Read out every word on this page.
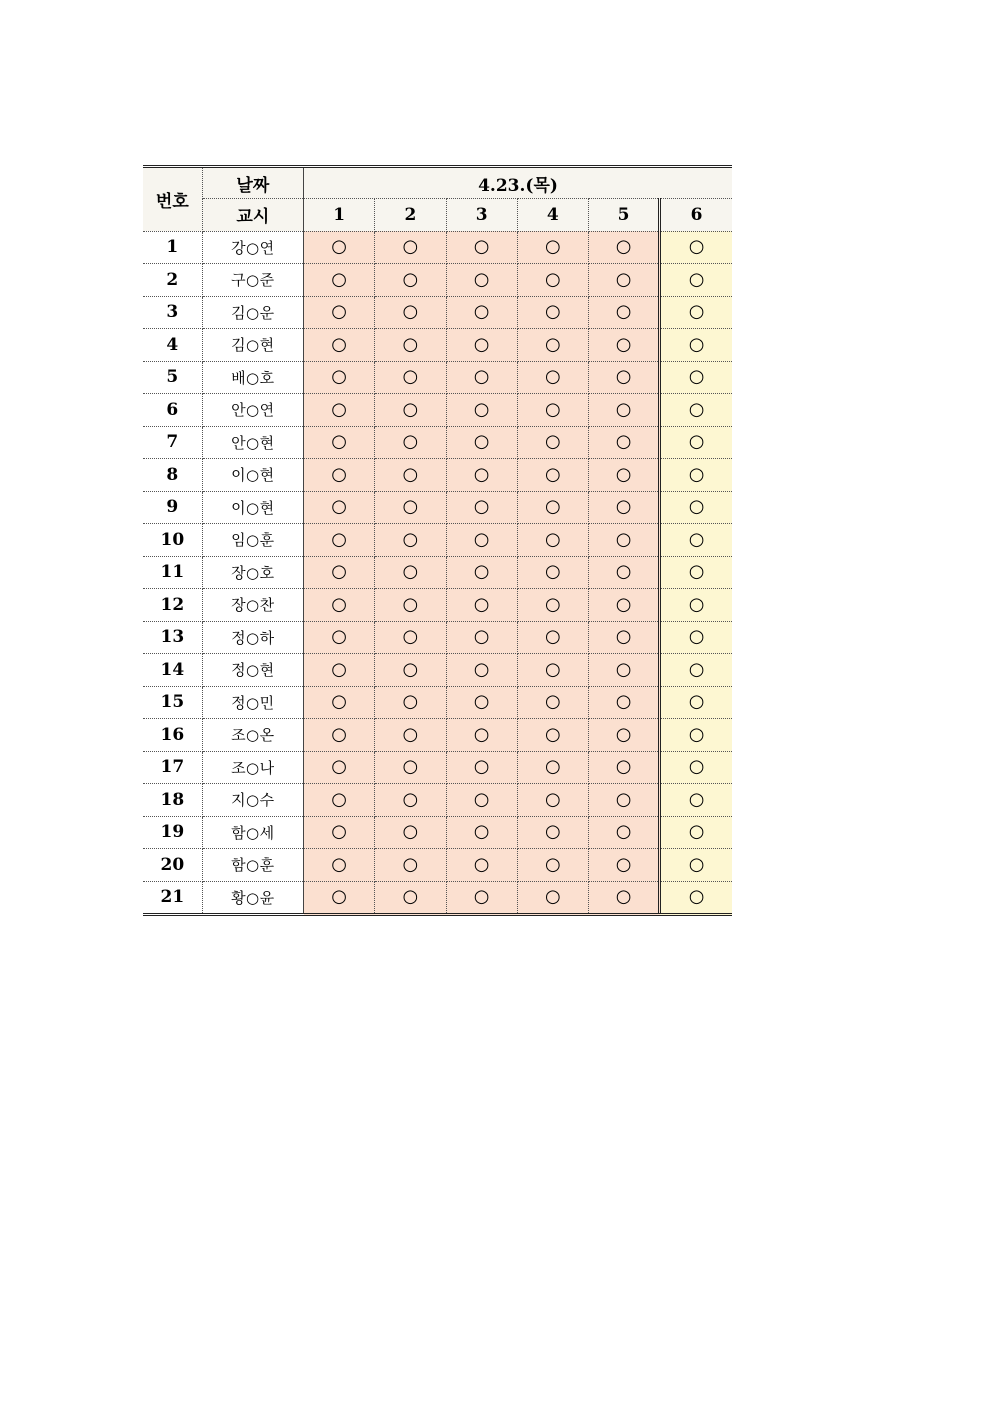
번호	날짜	4.23.(목)					
	교시	1	2	3	4	5	6
1	강○연	○	○	○	○	○	○
2	구○준	○	○	○	○	○	○
3	김○운	○	○	○	○	○	○
4	김○현	○	○	○	○	○	○
5	배○호	○	○	○	○	○	○
6	안○연	○	○	○	○	○	○
7	안○현	○	○	○	○	○	○
8	이○현	○	○	○	○	○	○
9	이○현	○	○	○	○	○	○
10	임○훈	○	○	○	○	○	○
11	장○호	○	○	○	○	○	○
12	장○찬	○	○	○	○	○	○
13	정○하	○	○	○	○	○	○
14	정○현	○	○	○	○	○	○
15	정○민	○	○	○	○	○	○
16	조○온	○	○	○	○	○	○
17	조○나	○	○	○	○	○	○
18	지○수	○	○	○	○	○	○
19	함○세	○	○	○	○	○	○
20	함○훈	○	○	○	○	○	○
21	황○윤	○	○	○	○	○	○
